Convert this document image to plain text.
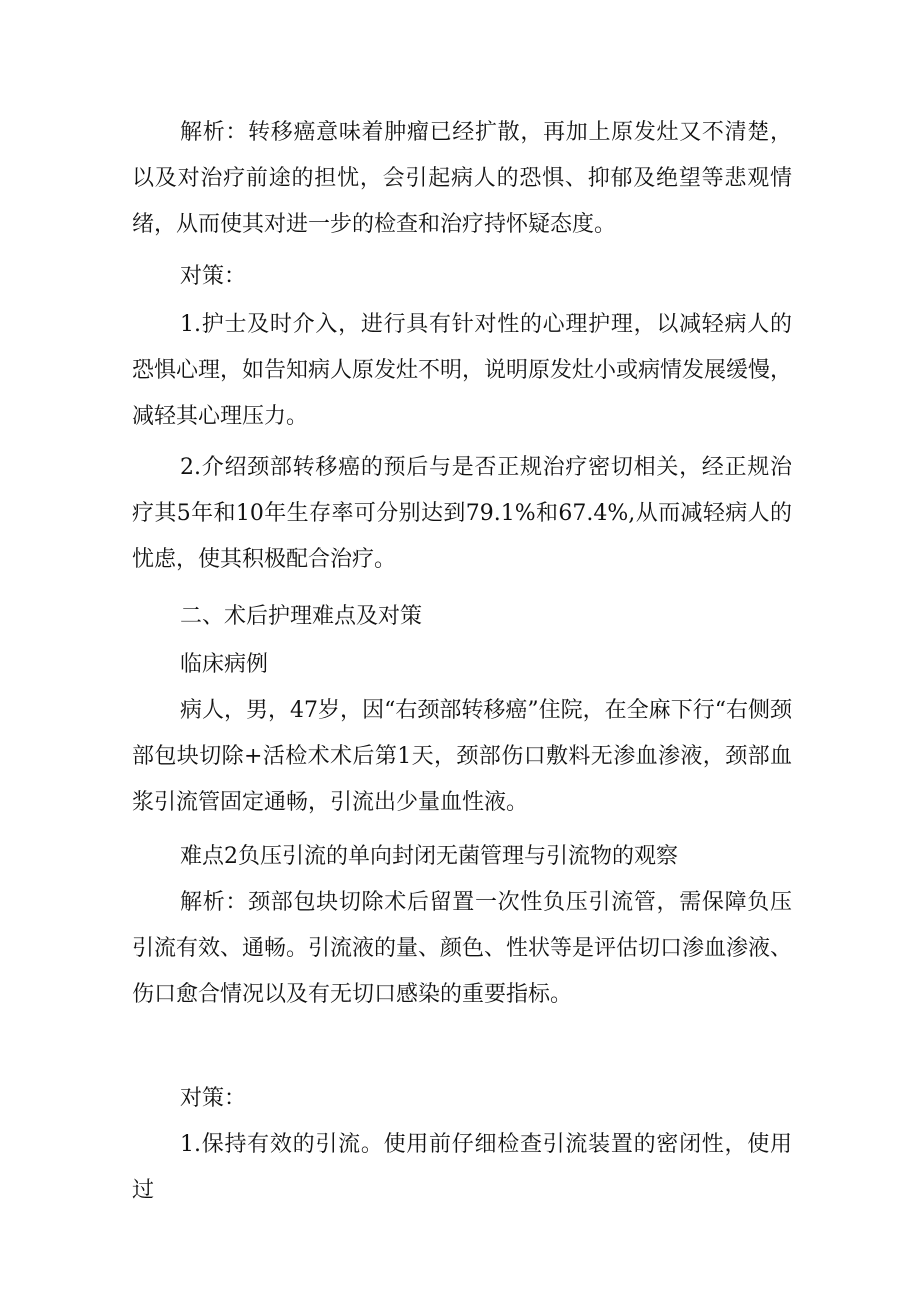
解析：转移癌意味着肿瘤已经扩散，再加上原发灶又不清楚，以及对治疗前途的担忧，会引起病人的恐惧、抑郁及绝望等悲观情绪，从而使其对进一步的检查和治疗持怀疑态度。

对策：

1.护士及时介入，进行具有针对性的心理护理，以减轻病人的恐惧心理，如告知病人原发灶不明，说明原发灶小或病情发展缓慢，减轻其心理压力。

2.介绍颈部转移癌的预后与是否正规治疗密切相关，经正规治疗其5年和10年生存率可分别达到79.1%和67.4%,从而减轻病人的忧虑，使其积极配合治疗。

二、术后护理难点及对策

临床病例

病人，男，47岁，因“右颈部转移癌”住院，在全麻下行“右侧颈部包块切除+活检术术后第1天，颈部伤口敷料无渗血渗液，颈部血浆引流管固定通畅，引流出少量血性液。

难点2负压引流的单向封闭无菌管理与引流物的观察

解析：颈部包块切除术后留置一次性负压引流管，需保障负压引流有效、通畅。引流液的量、颜色、性状等是评估切口渗血渗液、伤口愈合情况以及有无切口感染的重要指标。

对策：

1.保持有效的引流。使用前仔细检查引流装置的密闭性，使用过
